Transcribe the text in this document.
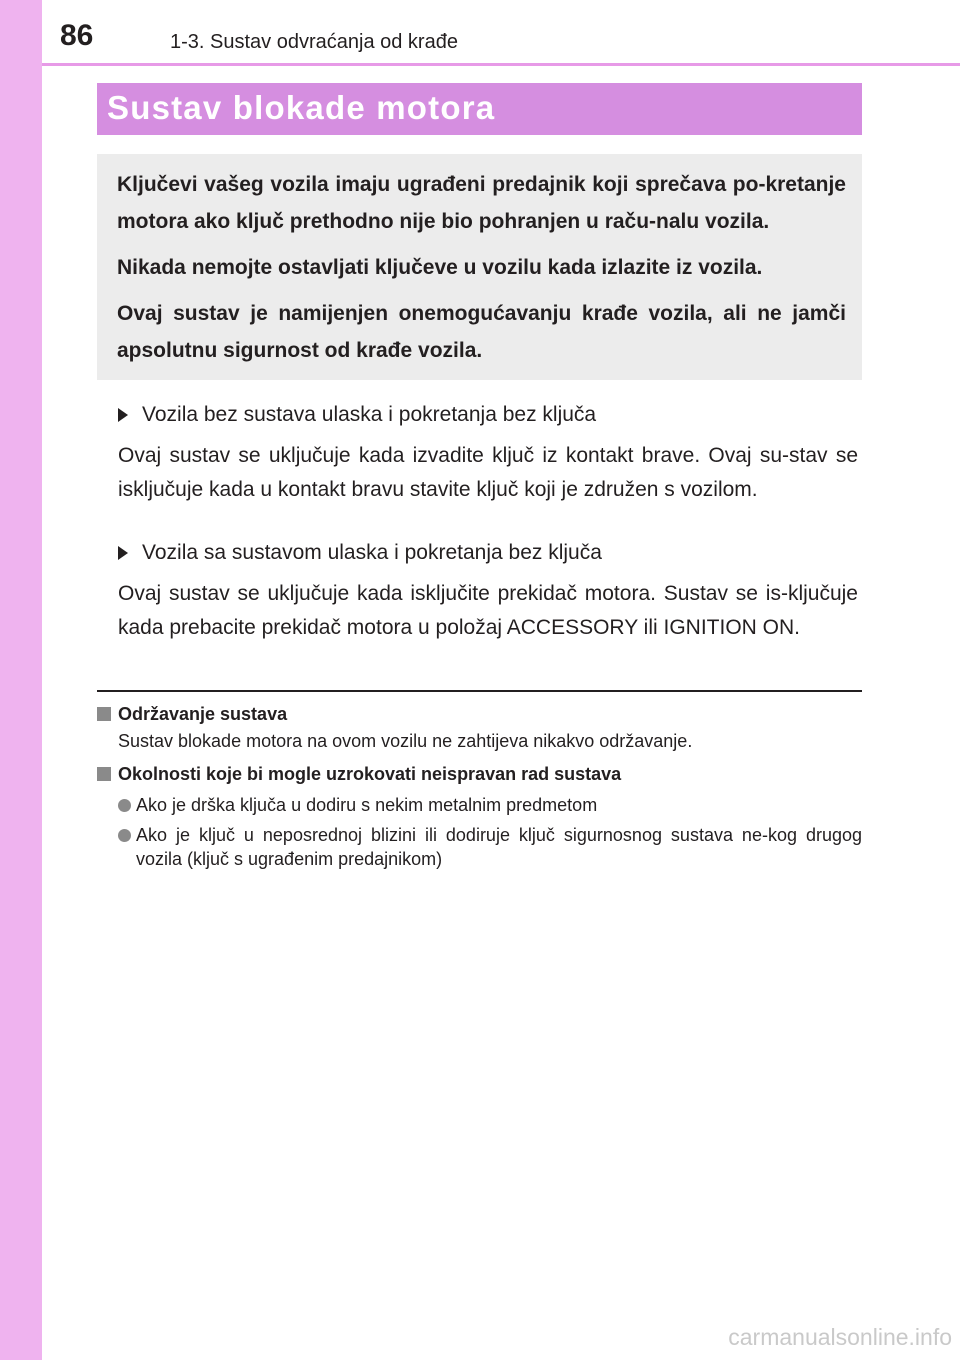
86	1-3. Sustav odvraćanja od krađe
Sustav blokade motora

Ključevi vašeg vozila imaju ugrađeni predajnik koji sprečava po-kretanje motora ako ključ prethodno nije bio pohranjen u raču-nalu vozila.

Nikada nemojte ostavljati ključeve u vozilu kada izlazite iz vozila.

Ovaj sustav je namijenjen onemogućavanju krađe vozila, ali ne jamči apsolutnu sigurnost od krađe vozila.

Vozila bez sustava ulaska i pokretanja bez ključa

Ovaj sustav se uključuje kada izvadite ključ iz kontakt brave. Ovaj su-stav se isključuje kada u kontakt bravu stavite ključ koji je združen s vozilom.

Vozila sa sustavom ulaska i pokretanja bez ključa

Ovaj sustav se uključuje kada isključite prekidač motora. Sustav se is-ključuje kada prebacite prekidač motora u položaj ACCESSORY ili IGNITION ON.

Održavanje sustava

Sustav blokade motora na ovom vozilu ne zahtijeva nikakvo održavanje.

Okolnosti koje bi mogle uzrokovati neispravan rad sustava

Ako je drška ključa u dodiru s nekim metalnim predmetom

Ako je ključ u neposrednoj blizini ili dodiruje ključ sigurnosnog sustava ne-kog drugog vozila (ključ s ugrađenim predajnikom)

carmanualsonline.info
